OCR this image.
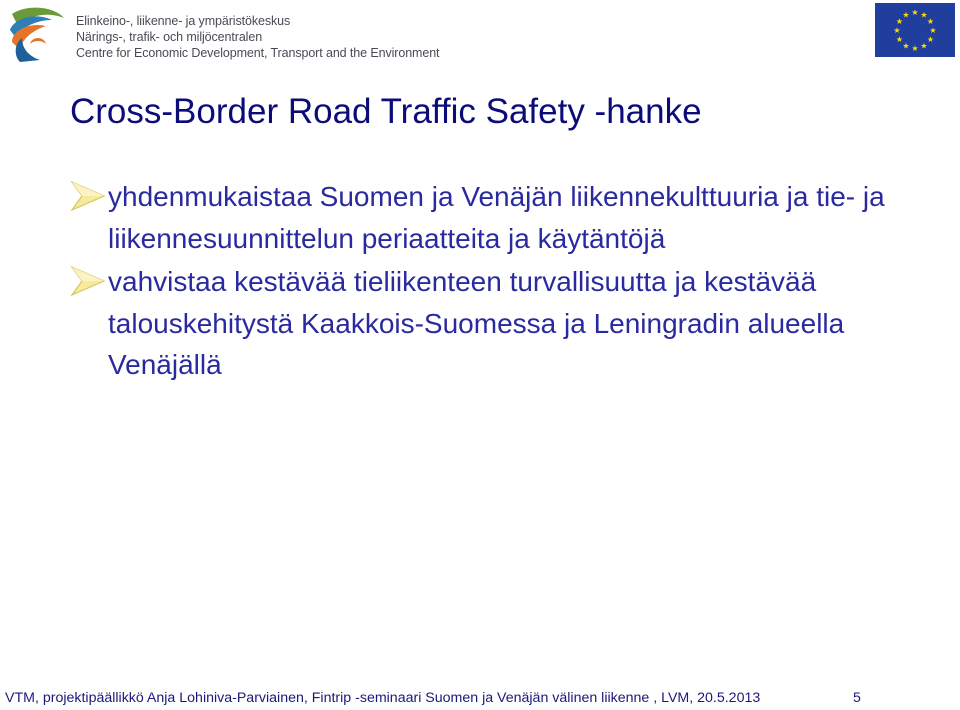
Elinkeino-, liikenne- ja ympäristökeskus
Närings-, trafik- och miljöcentralen
Centre for Economic Development, Transport and the Environment
★ ★
★
★
★
★
★
★
★
★
★
★
Cross-Border Road Traffic Safety -hanke
yhdenmukaistaa Suomen ja Venäjän liikennekulttuuria ja tie- ja liikennesuunnittelun periaatteita ja käytäntöjä
vahvistaa kestävää tieliikenteen turvallisuutta ja kestävää talouskehitystä Kaakkois-Suomessa ja Leningradin alueella Venäjällä
VTM, projektipäällikkö Anja Lohiniva-Parviainen, Fintrip -seminaari Suomen ja Venäjän välinen liikenne , LVM, 20.5.2013	5
